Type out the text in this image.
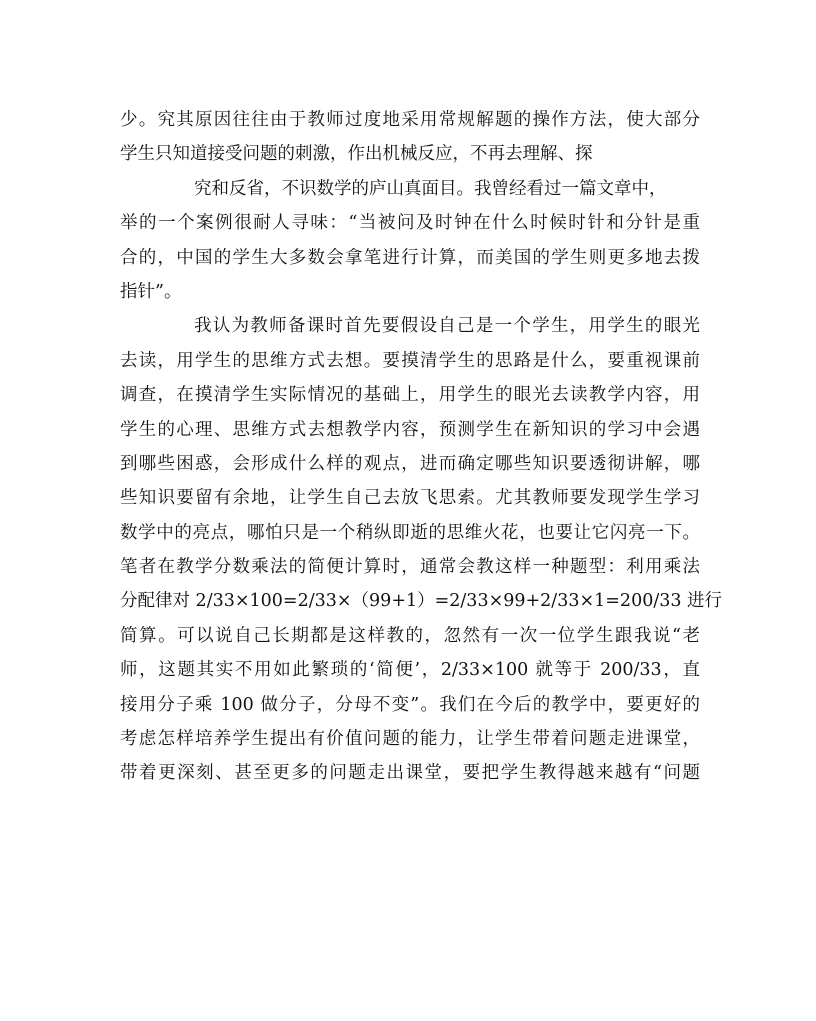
少。究其原因往往由于教师过度地采用常规解题的操作方法，使大部分
学生只知道接受问题的刺激，作出机械反应，不再去理解、探
究和反省，不识数学的庐山真面目。我曾经看过一篇文章中，
举的一个案例很耐人寻味：“当被问及时钟在什么时候时针和分针是重
合的，中国的学生大多数会拿笔进行计算，而美国的学生则更多地去拨
指针”。
我认为教师备课时首先要假设自己是一个学生，用学生的眼光
去读，用学生的思维方式去想。要摸清学生的思路是什么，要重视课前
调查，在摸清学生实际情况的基础上，用学生的眼光去读教学内容，用
学生的心理、思维方式去想教学内容，预测学生在新知识的学习中会遇
到哪些困惑，会形成什么样的观点，进而确定哪些知识要透彻讲解，哪
些知识要留有余地，让学生自己去放飞思索。尤其教师要发现学生学习
数学中的亮点，哪怕只是一个稍纵即逝的思维火花，也要让它闪亮一下。
笔者在教学分数乘法的简便计算时，通常会教这样一种题型：利用乘法
分配律对 2/33×100=2/33×（99+1）=2/33×99+2/33×1=200/33 进行
简算。可以说自己长期都是这样教的，忽然有一次一位学生跟我说“老
师，这题其实不用如此繁琐的‘简便’，2/33×100 就等于 200/33，直
接用分子乘 100 做分子，分母不变”。我们在今后的教学中，要更好的
考虑怎样培养学生提出有价值问题的能力，让学生带着问题走进课堂，
带着更深刻、甚至更多的问题走出课堂，要把学生教得越来越有“问题
